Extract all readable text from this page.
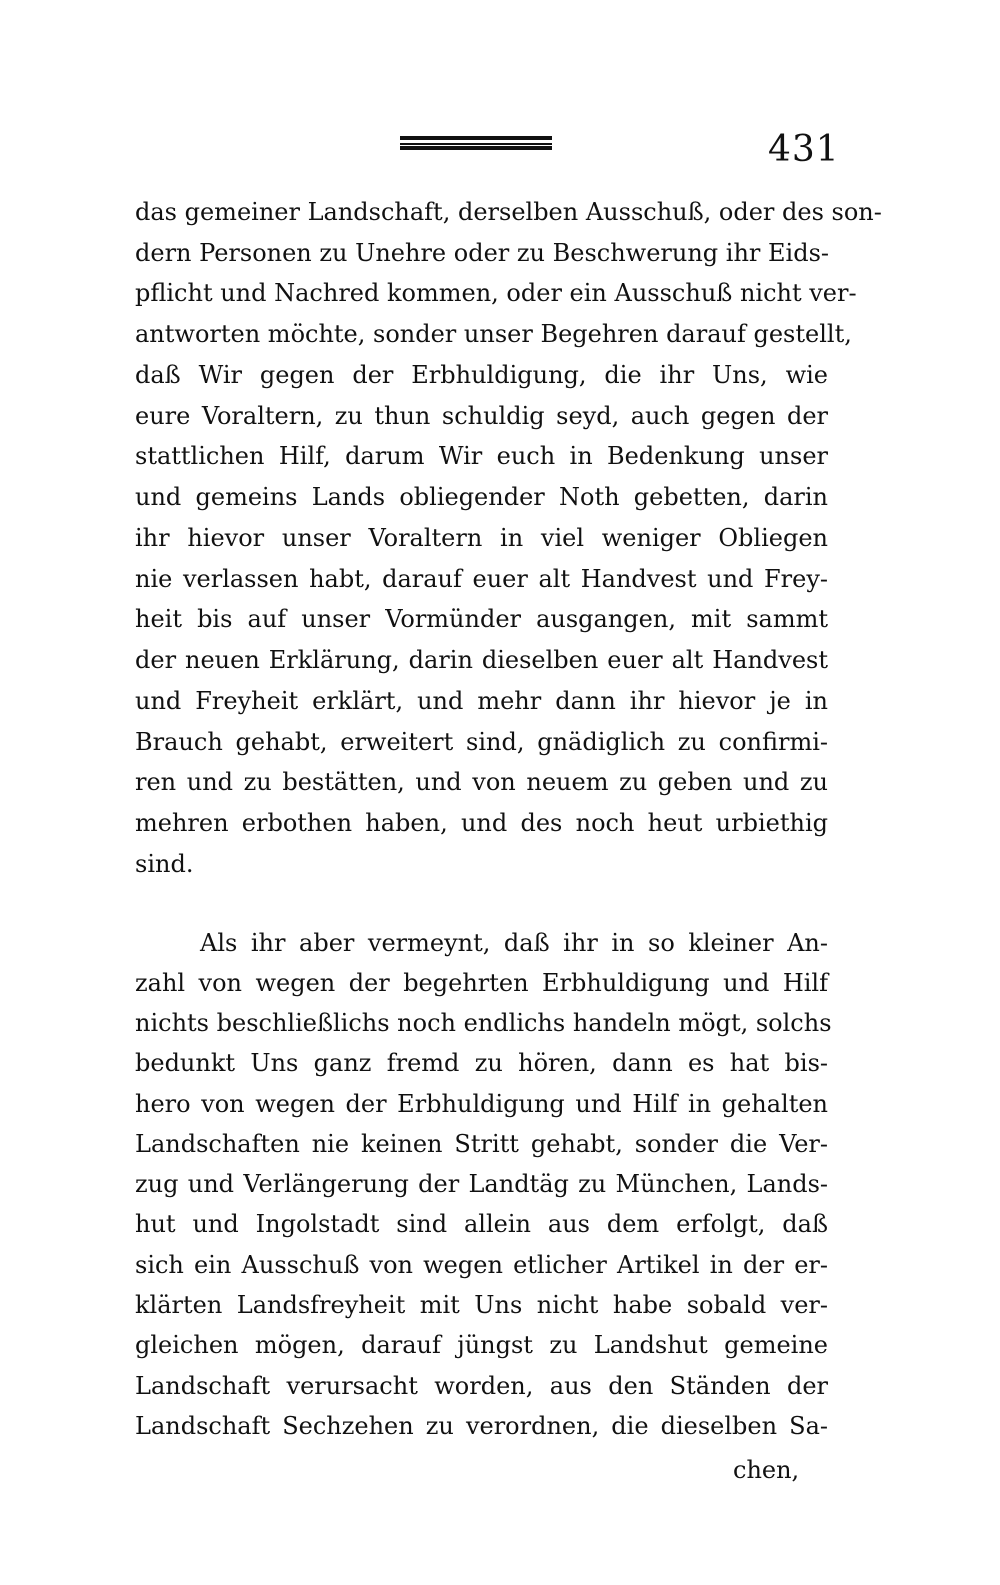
431
das gemeiner Landschaft, derselben Ausschuß, oder des son-
dern Personen zu Unehre oder zu Beschwerung ihr Eids-
pflicht und Nachred kommen, oder ein Ausschuß nicht ver-
antworten möchte, sonder unser Begehren darauf gestellt,
daß Wir gegen der Erbhuldigung, die ihr Uns, wie
eure Voraltern, zu thun schuldig seyd, auch gegen der
stattlichen Hilf, darum Wir euch in Bedenkung unser
und gemeins Lands obliegender Noth gebetten, darin
ihr hievor unser Voraltern in viel weniger Obliegen
nie verlassen habt, darauf euer alt Handvest und Frey-
heit bis auf unser Vormünder ausgangen, mit sammt
der neuen Erklärung, darin dieselben euer alt Handvest
und Freyheit erklärt, und mehr dann ihr hievor je in
Brauch gehabt, erweitert sind, gnädiglich zu confirmi-
ren und zu bestätten, und von neuem zu geben und zu
mehren erbothen haben, und des noch heut urbiethig
sind.
Als ihr aber vermeynt, daß ihr in so kleiner An-
zahl von wegen der begehrten Erbhuldigung und Hilf
nichts beschließlichs noch endlichs handeln mögt, solchs
bedunkt Uns ganz fremd zu hören, dann es hat bis-
hero von wegen der Erbhuldigung und Hilf in gehalten
Landschaften nie keinen Stritt gehabt, sonder die Ver-
zug und Verlängerung der Landtäg zu München, Lands-
hut und Ingolstadt sind allein aus dem erfolgt, daß
sich ein Ausschuß von wegen etlicher Artikel in der er-
klärten Landsfreyheit mit Uns nicht habe sobald ver-
gleichen mögen, darauf jüngst zu Landshut gemeine
Landschaft verursacht worden, aus den Ständen der
Landschaft Sechzehen zu verordnen, die dieselben Sa-
chen,
